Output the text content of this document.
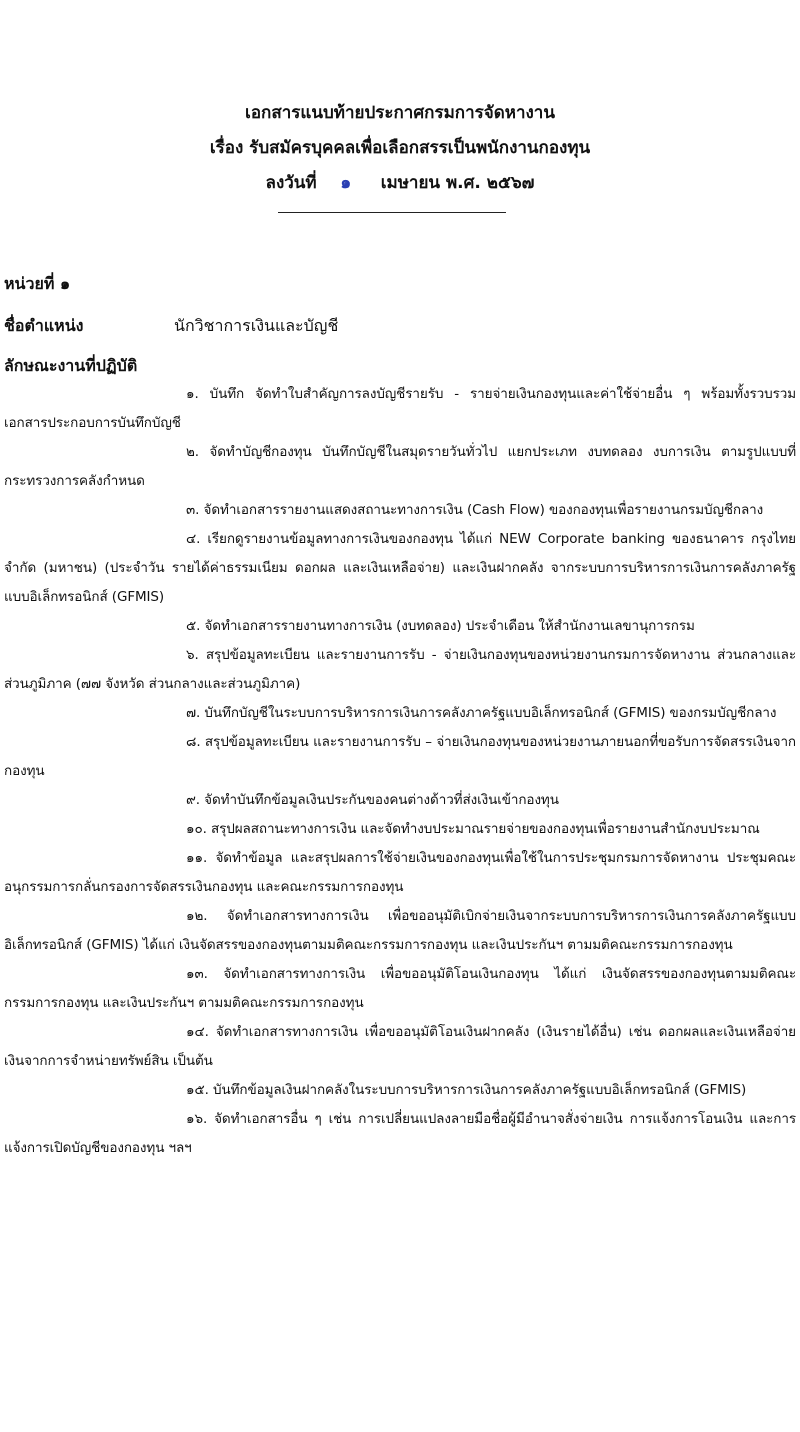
เอกสารแนบท้ายประกาศกรมการจัดหางาน
เรื่อง รับสมัครบุคคลเพื่อเลือกสรรเป็นพนักงานกองทุน
ลงวันที่ ๑ เมษายน พ.ศ. ๒๕๖๗
หน่วยที่ ๑
ชื่อตำแหน่ง	นักวิชาการเงินและบัญชี
ลักษณะงานที่ปฏิบัติ

๑. บันทึก จัดทำใบสำคัญการลงบัญชีรายรับ - รายจ่ายเงินกองทุนและค่าใช้จ่ายอื่น ๆ พร้อมทั้งรวบรวมเอกสารประกอบการบันทึกบัญชี

๒. จัดทำบัญชีกองทุน บันทึกบัญชีในสมุดรายวันทั่วไป แยกประเภท งบทดลอง งบการเงิน ตามรูปแบบที่กระทรวงการคลังกำหนด

๓. จัดทำเอกสารรายงานแสดงสถานะทางการเงิน (Cash Flow) ของกองทุนเพื่อรายงานกรมบัญชีกลาง

๔. เรียกดูรายงานข้อมูลทางการเงินของกองทุน ได้แก่ NEW Corporate banking ของธนาคาร กรุงไทย จำกัด (มหาชน) (ประจำวัน รายได้ค่าธรรมเนียม ดอกผล และเงินเหลือจ่าย) และเงินฝากคลัง จากระบบการบริหารการเงินการคลังภาครัฐแบบอิเล็กทรอนิกส์ (GFMIS)

๕. จัดทำเอกสารรายงานทางการเงิน (งบทดลอง) ประจำเดือน ให้สำนักงานเลขานุการกรม

๖. สรุปข้อมูลทะเบียน และรายงานการรับ - จ่ายเงินกองทุนของหน่วยงานกรมการจัดหางาน ส่วนกลางและส่วนภูมิภาค (๗๗ จังหวัด ส่วนกลางและส่วนภูมิภาค)

๗. บันทึกบัญชีในระบบการบริหารการเงินการคลังภาครัฐแบบอิเล็กทรอนิกส์ (GFMIS) ของกรมบัญชีกลาง

๘. สรุปข้อมูลทะเบียน และรายงานการรับ – จ่ายเงินกองทุนของหน่วยงานภายนอกที่ขอรับการจัดสรรเงินจากกองทุน

๙. จัดทำบันทึกข้อมูลเงินประกันของคนต่างด้าวที่ส่งเงินเข้ากองทุน

๑๐. สรุปผลสถานะทางการเงิน และจัดทำงบประมาณรายจ่ายของกองทุนเพื่อรายงานสำนักงบประมาณ

๑๑. จัดทำข้อมูล และสรุปผลการใช้จ่ายเงินของกองทุนเพื่อใช้ในการประชุมกรมการจัดหางาน ประชุมคณะอนุกรรมการกลั่นกรองการจัดสรรเงินกองทุน และคณะกรรมการกองทุน

๑๒. จัดทำเอกสารทางการเงิน เพื่อขออนุมัติเบิกจ่ายเงินจากระบบการบริหารการเงินการคลังภาครัฐแบบอิเล็กทรอนิกส์ (GFMIS) ได้แก่ เงินจัดสรรของกองทุนตามมติคณะกรรมการกองทุน และเงินประกันฯ ตามมติคณะกรรมการกองทุน

๑๓. จัดทำเอกสารทางการเงิน เพื่อขออนุมัติโอนเงินกองทุน ได้แก่ เงินจัดสรรของกองทุนตามมติคณะกรรมการกองทุน และเงินประกันฯ ตามมติคณะกรรมการกองทุน

๑๔. จัดทำเอกสารทางการเงิน เพื่อขออนุมัติโอนเงินฝากคลัง (เงินรายได้อื่น) เช่น ดอกผลและเงินเหลือจ่าย เงินจากการจำหน่ายทรัพย์สิน เป็นต้น

๑๕. บันทึกข้อมูลเงินฝากคลังในระบบการบริหารการเงินการคลังภาครัฐแบบอิเล็กทรอนิกส์ (GFMIS)

๑๖. จัดทำเอกสารอื่น ๆ เช่น การเปลี่ยนแปลงลายมือชื่อผู้มีอำนาจสั่งจ่ายเงิน การแจ้งการโอนเงิน และการแจ้งการเปิดบัญชีของกองทุน ฯลฯ
